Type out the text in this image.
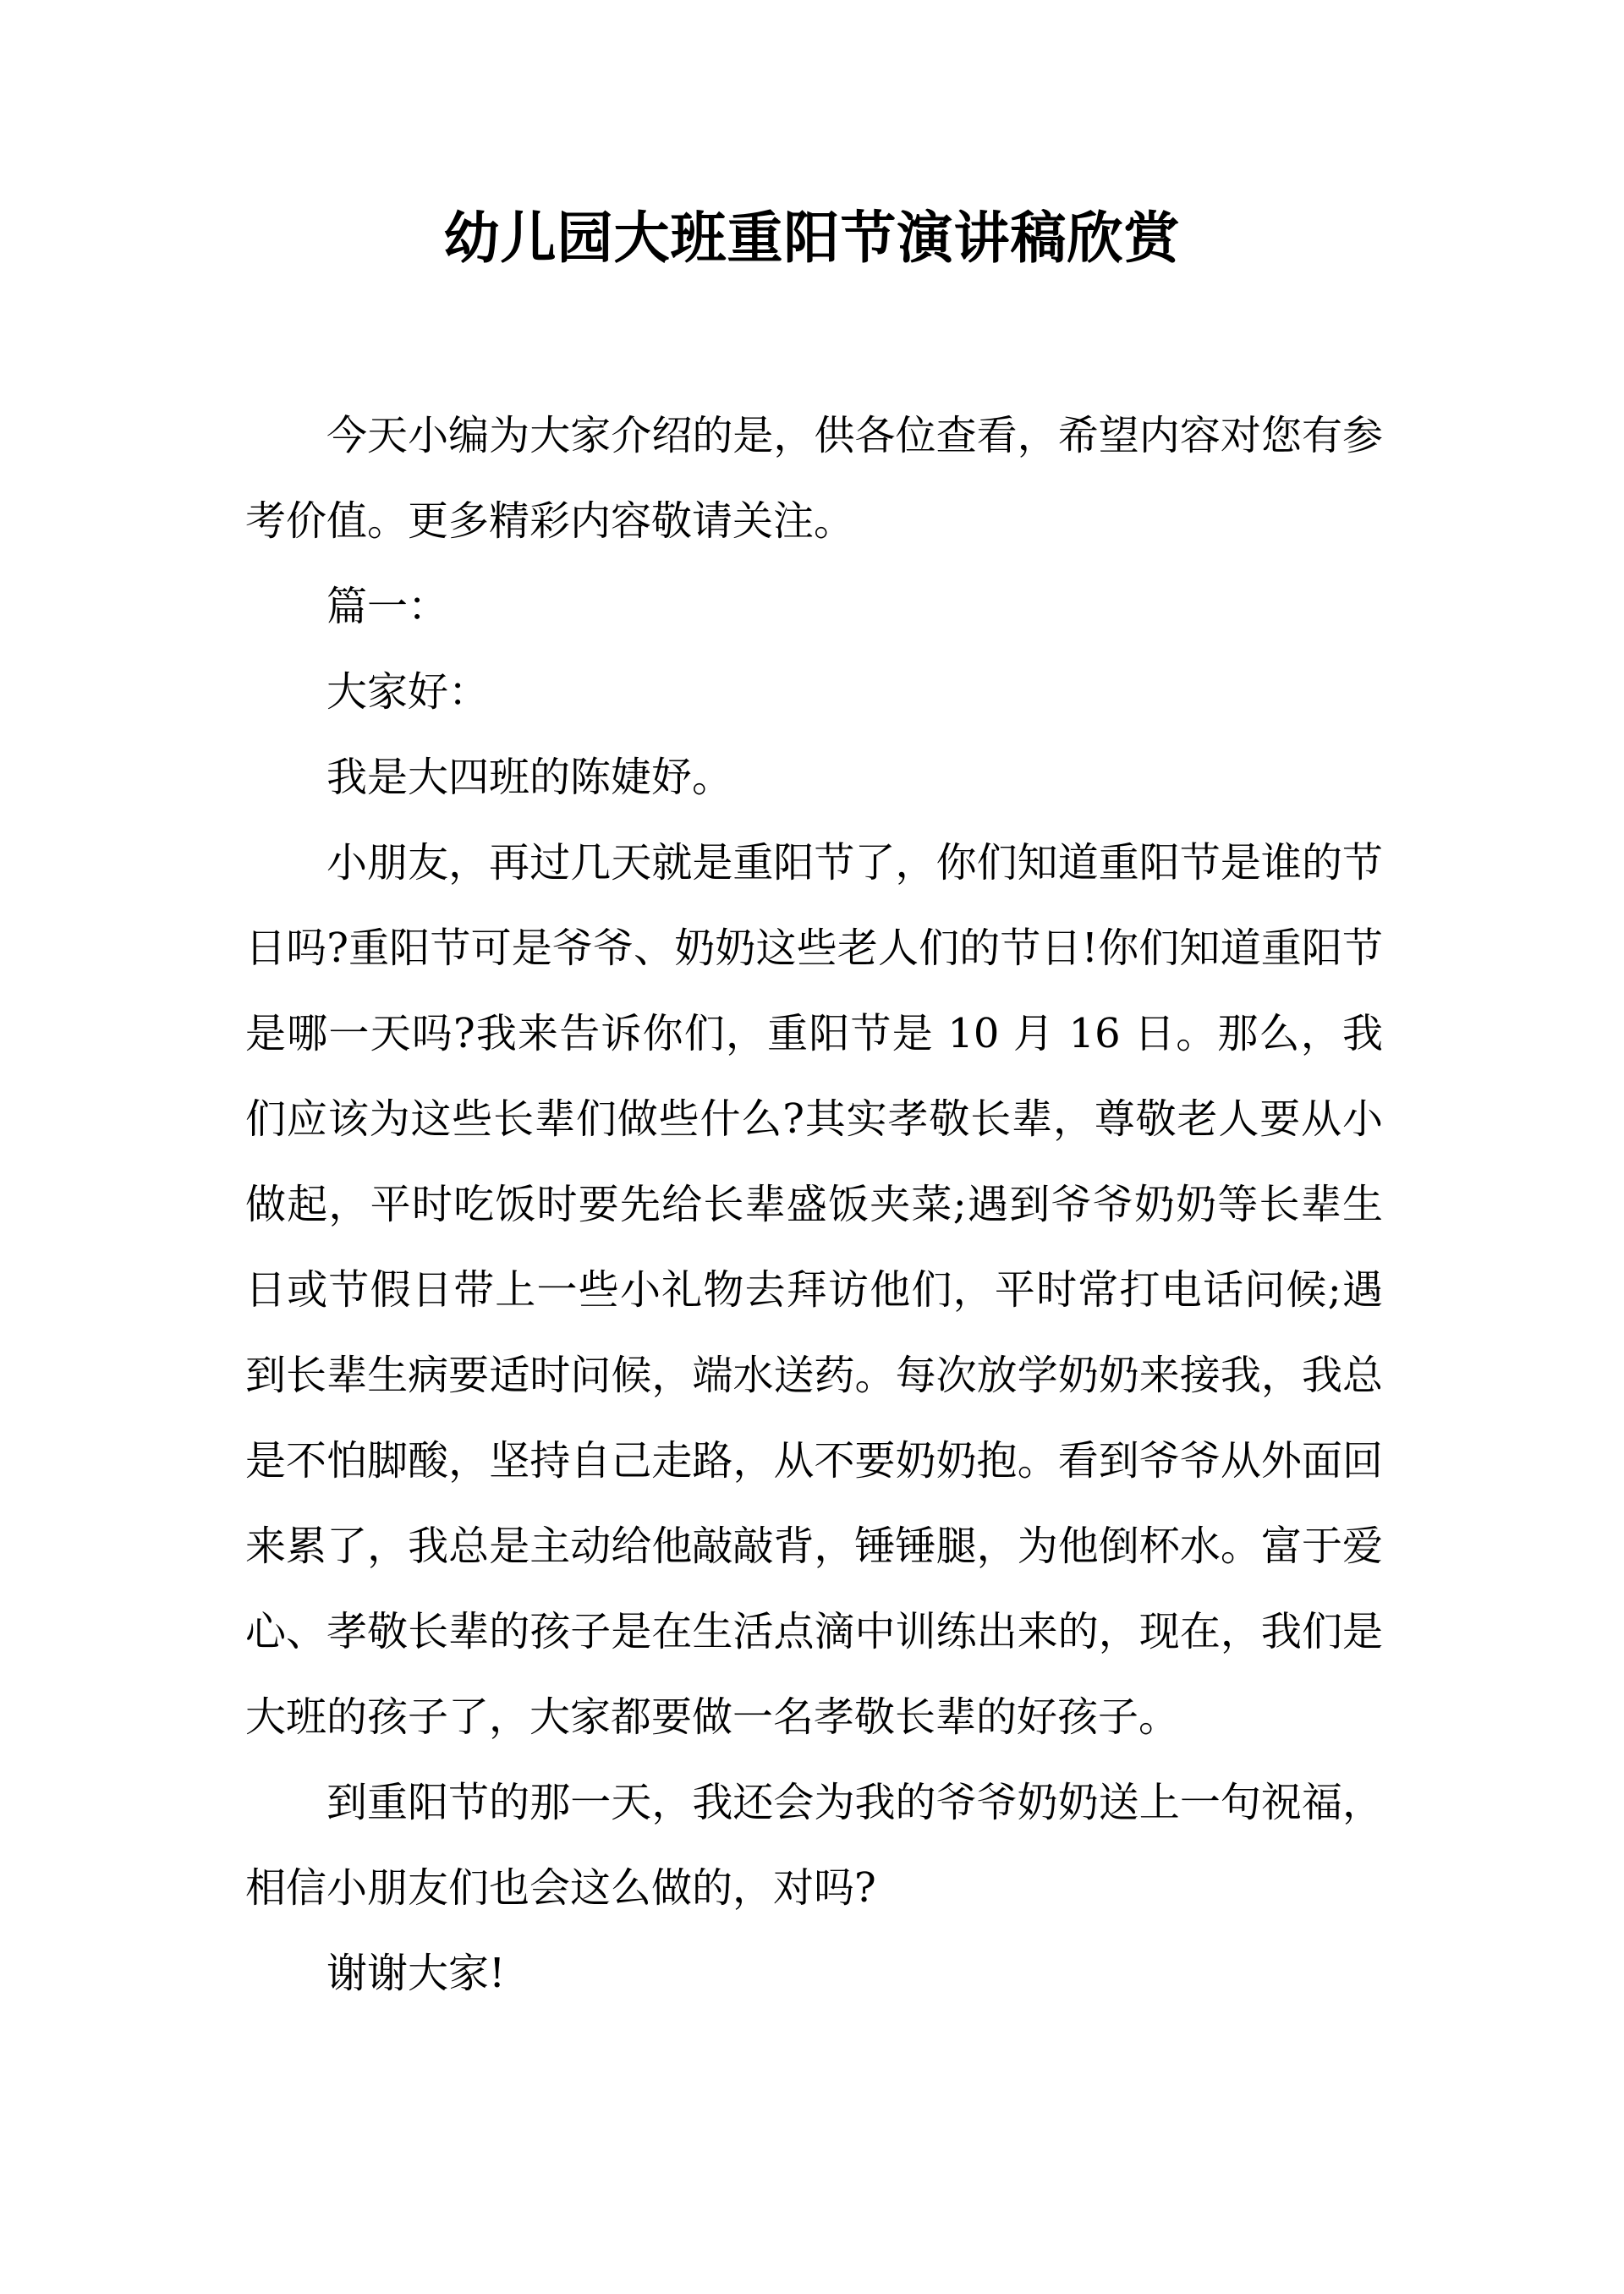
幼儿园大班重阳节演讲稿欣赏

今天小编为大家介绍的是，供各位查看，希望内容对您有参考价值。更多精彩内容敬请关注。

篇一：

大家好：

我是大四班的陈婕妤。

小朋友，再过几天就是重阳节了，你们知道重阳节是谁的节日吗?重阳节可是爷爷、奶奶这些老人们的节日!你们知道重阳节是哪一天吗?我来告诉你们，重阳节是 10 月 16 日。那么，我们应该为这些长辈们做些什么?其实孝敬长辈，尊敬老人要从小做起，平时吃饭时要先给长辈盛饭夹菜;遇到爷爷奶奶等长辈生日或节假日带上一些小礼物去拜访他们，平时常打电话问候;遇到长辈生病要适时问候，端水送药。每次放学奶奶来接我，我总是不怕脚酸，坚持自己走路，从不要奶奶抱。看到爷爷从外面回来累了，我总是主动给他敲敲背，锤锤腿，为他倒杯水。富于爱心、孝敬长辈的孩子是在生活点滴中训练出来的，现在，我们是大班的孩子了，大家都要做一名孝敬长辈的好孩子。

到重阳节的那一天，我还会为我的爷爷奶奶送上一句祝福，相信小朋友们也会这么做的，对吗?

谢谢大家!
